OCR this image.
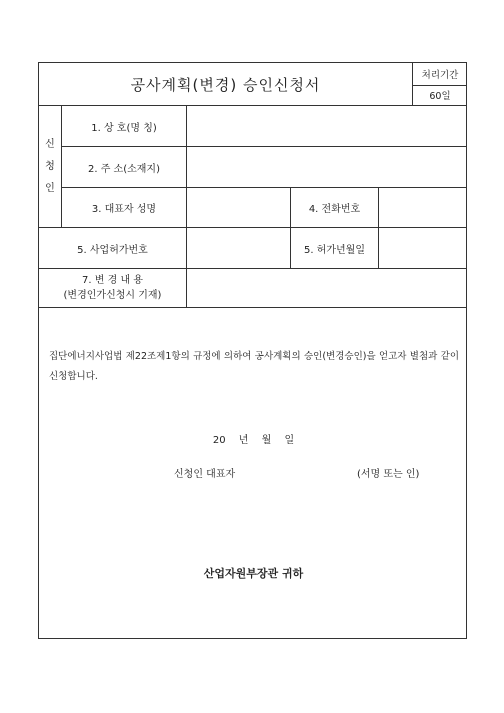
공사계획(변경) 승인신청서	처리기간
60일
신
청
인
1. 상 호(명 칭)
2. 주 소(소재지)
3. 대표자 성명	4. 전화번호
5. 사업허가번호	5. 허가년월일
7. 변 경 내 용
(변경인가신청시 기재)
집단에너지사업법 제22조제1항의 규정에 의하여 공사계획의 승인(변경승인)을 얻고자 별첨과 같이 신청합니다.
20 년 월 일
신청인 대표자	(서명 또는 인)
산업자원부장관 귀하
